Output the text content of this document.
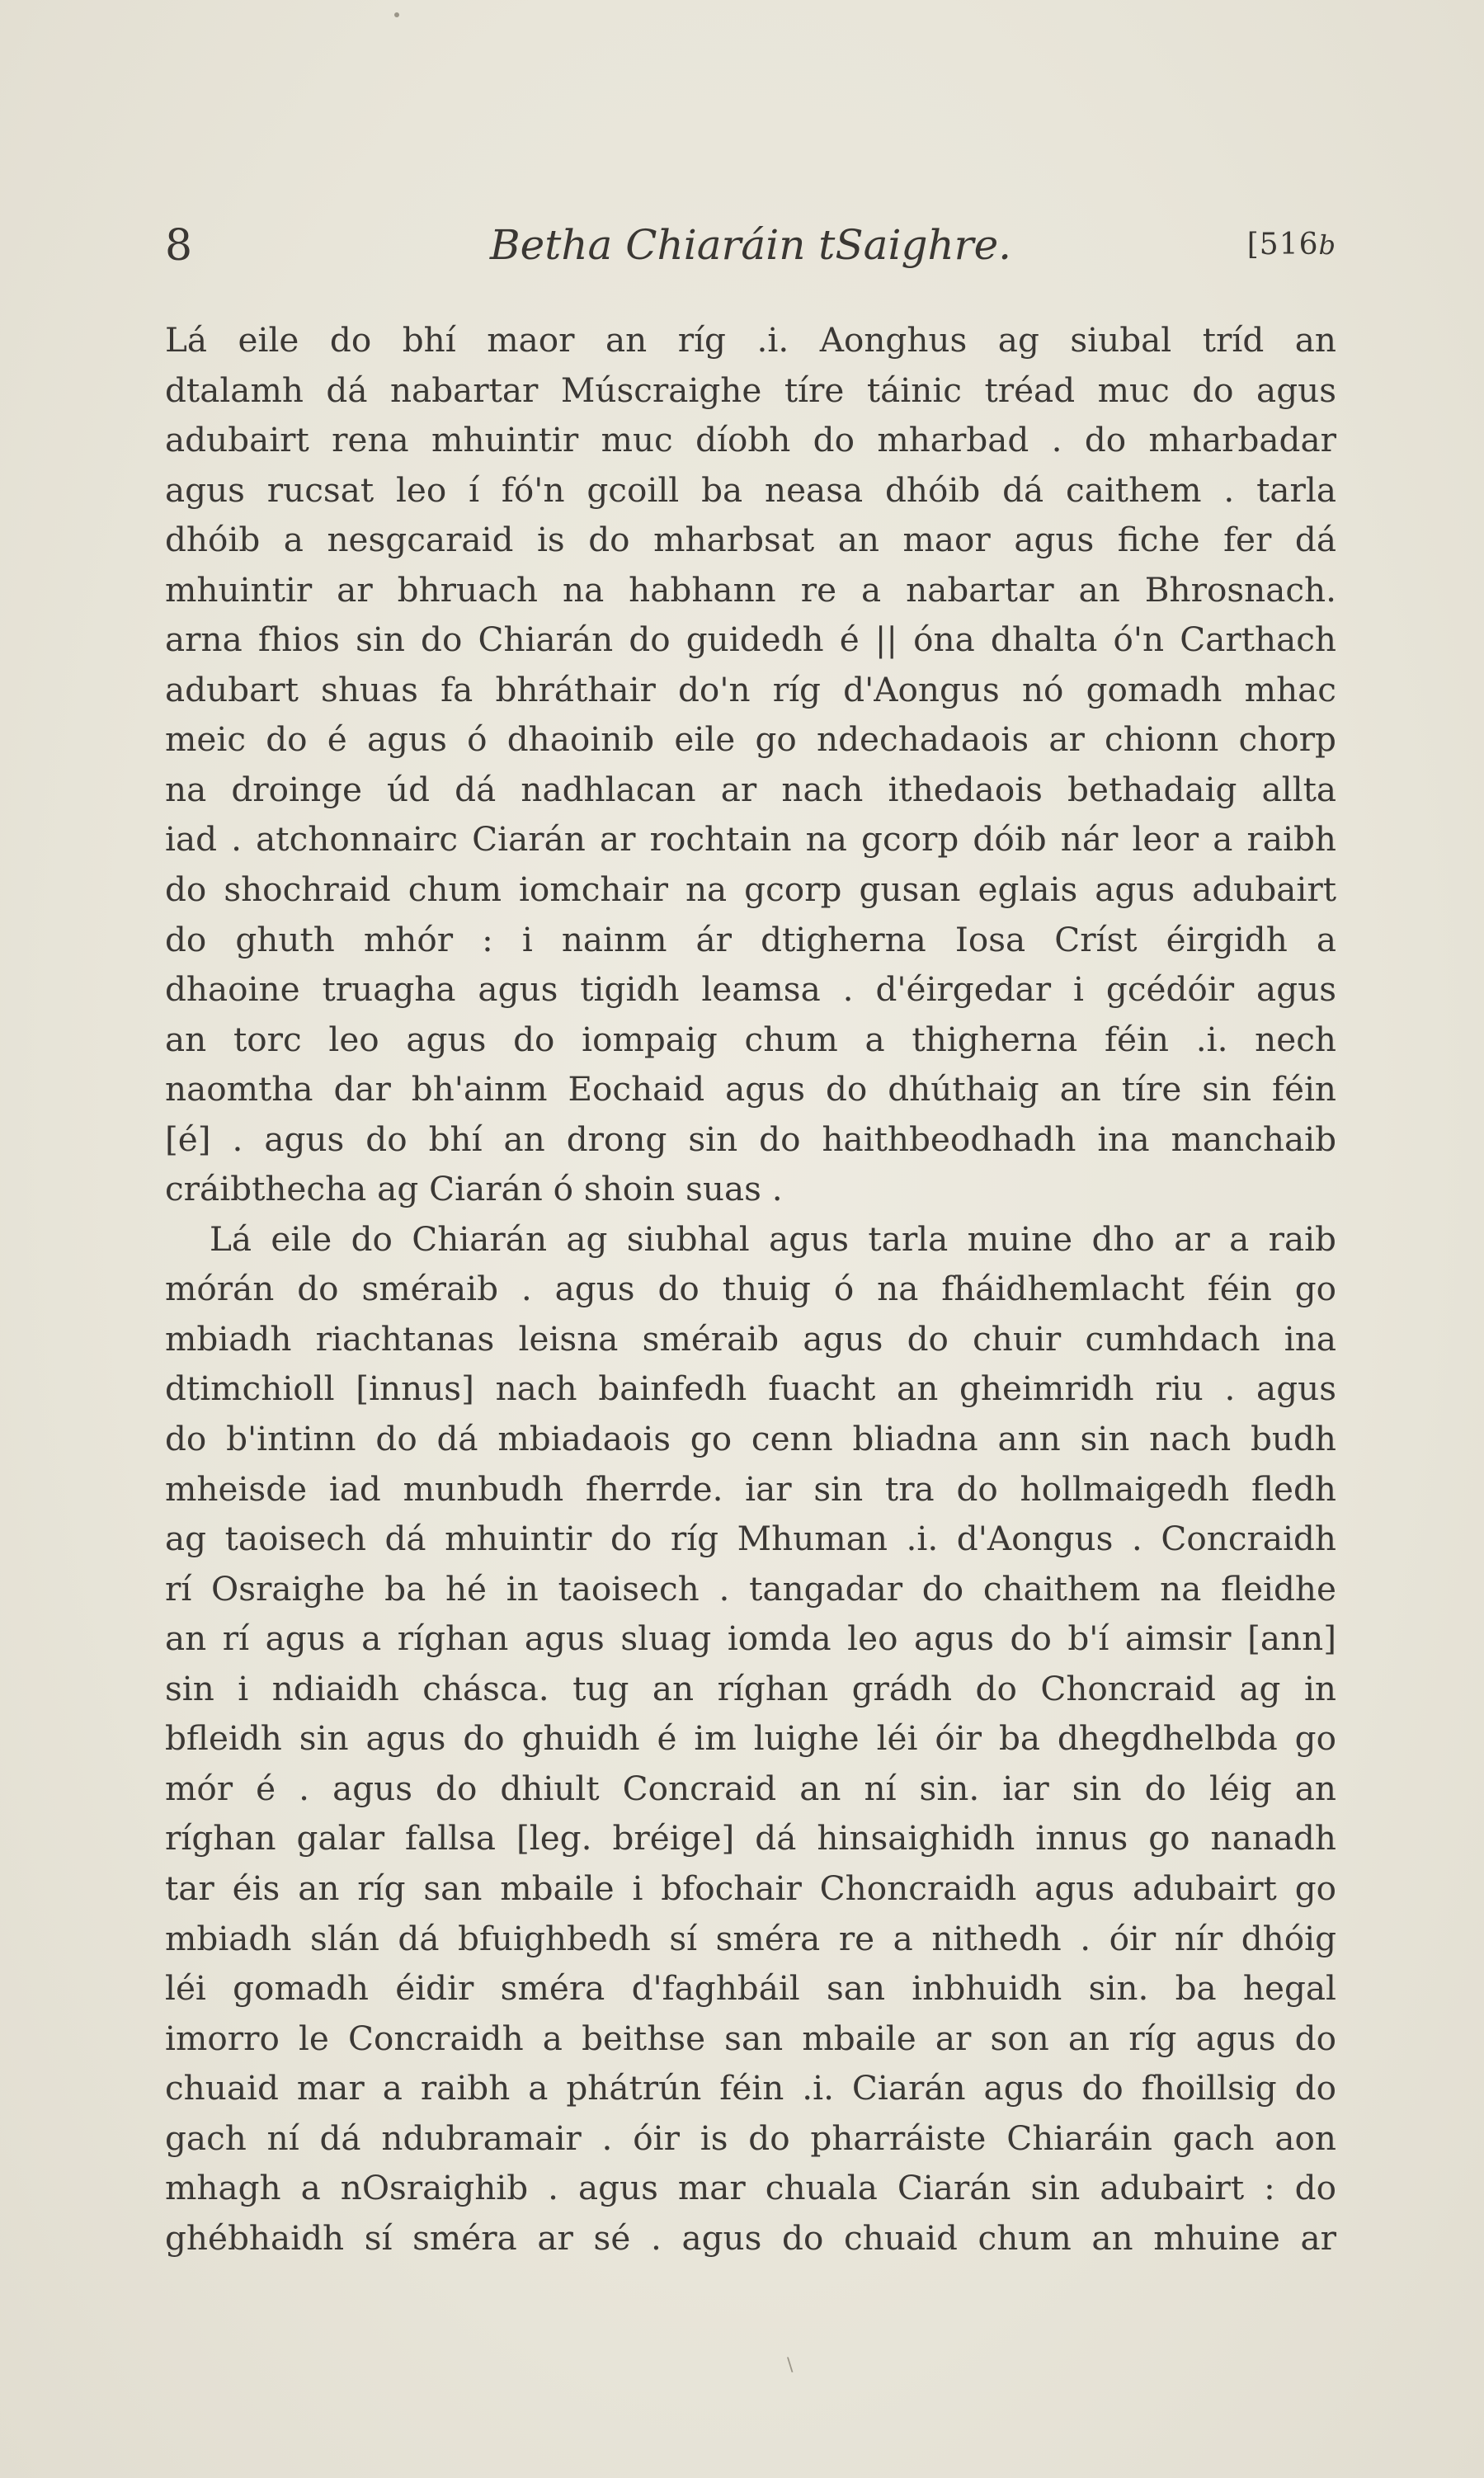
8	Betha Chiaráin tSaighre.	[516b
Lá eile do bhí maor an ríg .i. Aonghus ag siubal tríd an
dtalamh dá nabartar Múscraighe tíre táinic tréad muc do agus
adubairt rena mhuintir muc díobh do mharbad . do mharbadar
agus rucsat leo í fó'n gcoill ba neasa dhóib dá caithem . tarla
dhóib a nesgcaraid is do mharbsat an maor agus fiche fer dá
mhuintir ar bhruach na habhann re a nabartar an Bhrosnach.
arna fhios sin do Chiarán do guidedh é || óna dhalta ó'n Carthach
adubart shuas fa bhráthair do'n ríg d'Aongus nó gomadh mhac
meic do é agus ó dhaoinib eile go ndechadaois ar chionn chorp
na droinge úd dá nadhlacan ar nach ithedaois bethadaig allta
iad . atchonnairc Ciarán ar rochtain na gcorp dóib nár leor a raibh
do shochraid chum iomchair na gcorp gusan eglais agus adubairt
do ghuth mhór : i nainm ár dtigherna Iosa Críst éirgidh a
dhaoine truagha agus tigidh leamsa . d'éirgedar i gcédóir agus
an torc leo agus do iompaig chum a thigherna féin .i. nech
naomtha dar bh'ainm Eochaid agus do dhúthaig an tíre sin féin
[é] . agus do bhí an drong sin do haithbeodhadh ina manchaib
cráibthecha ag Ciarán ó shoin suas .
Lá eile do Chiarán ag siubhal agus tarla muine dho ar a raib
mórán do sméraib . agus do thuig ó na fháidhemlacht féin go
mbiadh riachtanas leisna sméraib agus do chuir cumhdach ina
dtimchioll [innus] nach bainfedh fuacht an gheimridh riu . agus
do b'intinn do dá mbiadaois go cenn bliadna ann sin nach budh
mheisde iad munbudh fherrde. iar sin tra do hollmaigedh fledh
ag taoisech dá mhuintir do ríg Mhuman .i. d'Aongus . Concraidh
rí Osraighe ba hé in taoisech . tangadar do chaithem na fleidhe
an rí agus a ríghan agus sluag iomda leo agus do b'í aimsir [ann]
sin i ndiaidh chásca. tug an ríghan grádh do Choncraid ag in
bfleidh sin agus do ghuidh é im luighe léi óir ba dhegdhelbda go
mór é . agus do dhiult Concraid an ní sin. iar sin do léig an
ríghan galar fallsa [leg. bréige] dá hinsaighidh innus go nanadh
tar éis an ríg san mbaile i bfochair Choncraidh agus adubairt go
mbiadh slán dá bfuighbedh sí sméra re a nithedh . óir nír dhóig
léi gomadh éidir sméra d'faghbáil san inbhuidh sin. ba hegal
imorro le Concraidh a beithse san mbaile ar son an ríg agus do
chuaid mar a raibh a phátrún féin .i. Ciarán agus do fhoillsig do
gach ní dá ndubramair . óir is do pharráiste Chiaráin gach aon
mhagh a nOsraighib . agus mar chuala Ciarán sin adubairt : do
ghébhaidh sí sméra ar sé . agus do chuaid chum an mhuine ar
\
